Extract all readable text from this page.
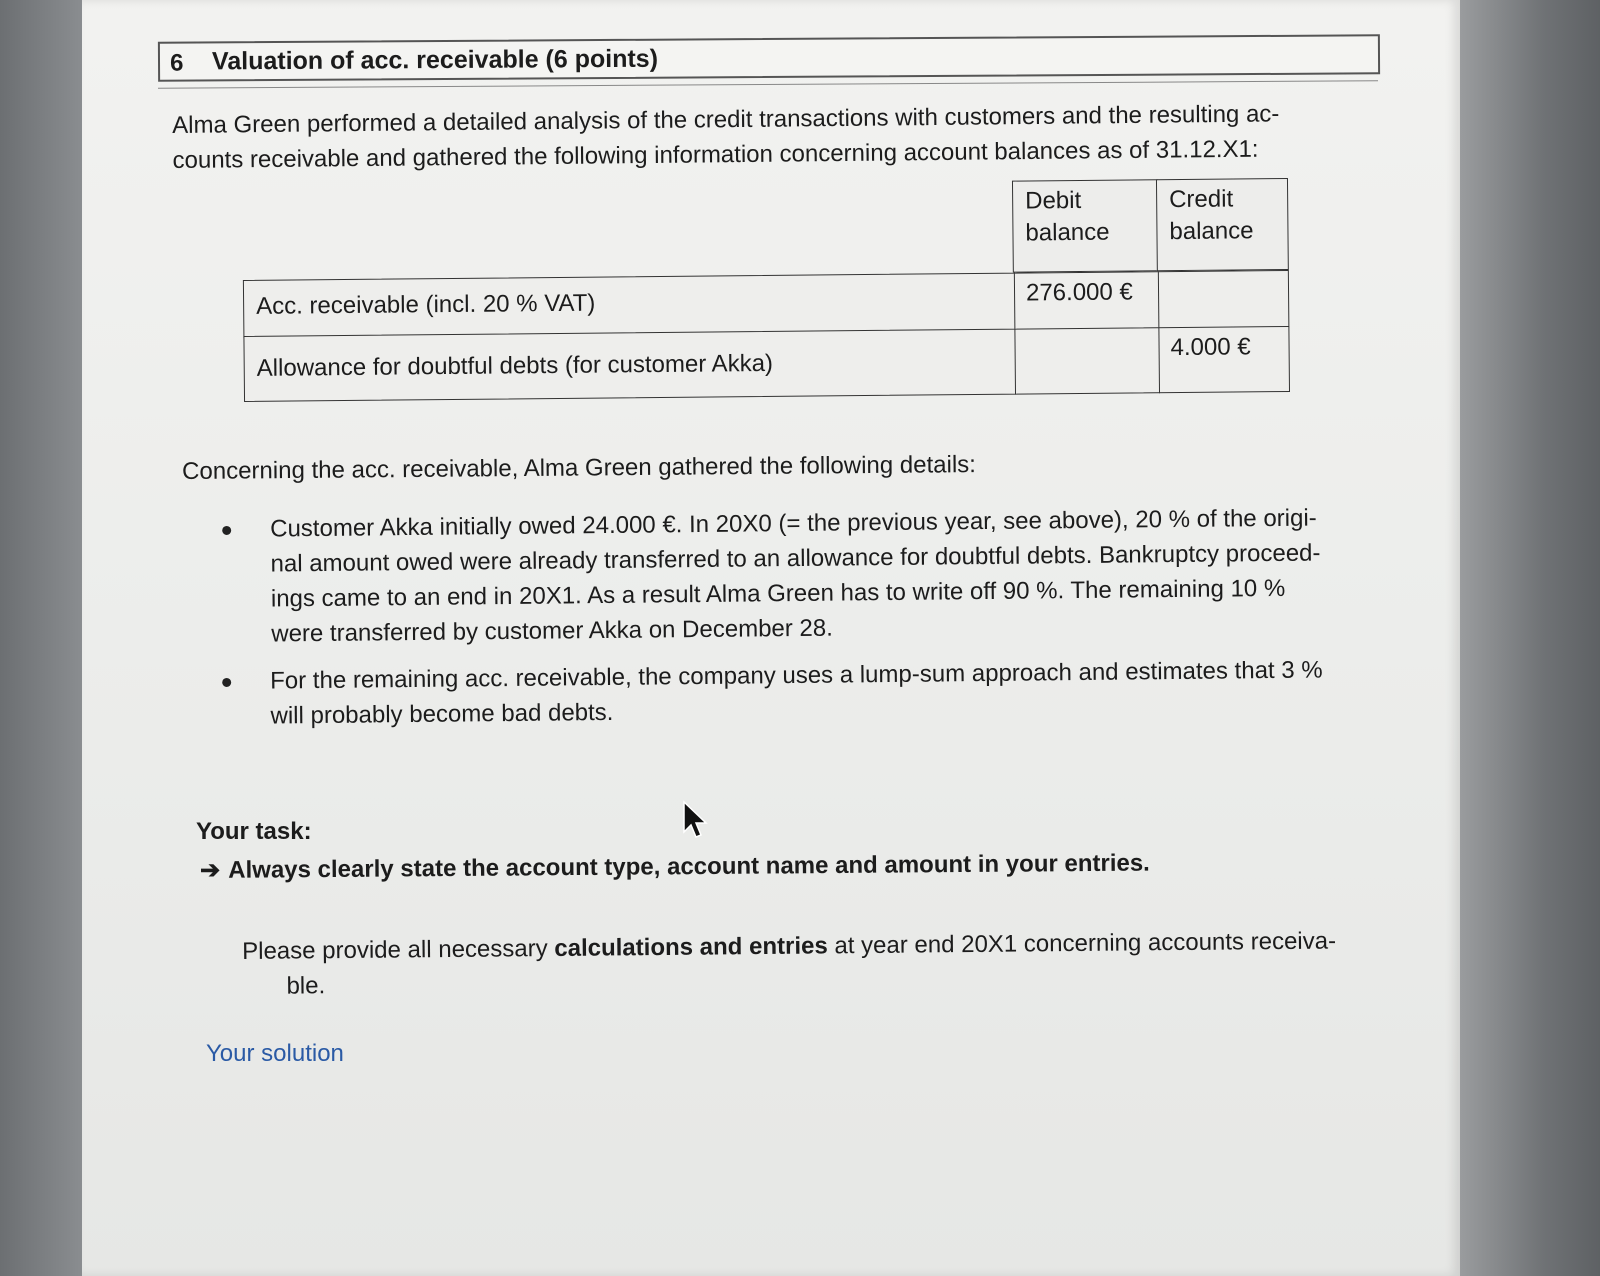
6 Valuation of acc. receivable (6 points)
Alma Green performed a detailed analysis of the credit transactions with customers and the resulting ac-
counts receivable and gathered the following information concerning account balances as of 31.12.X1:
Debit
balance
Credit
balance
Acc. receivable (incl. 20 % VAT)	276.000 €
Allowance for doubtful debts (for customer Akka)
4.000 €
Concerning the acc. receivable, Alma Green gathered the following details:
Customer Akka initially owed 24.000 €. In 20X0 (= the previous year, see above), 20 % of the origi-
nal amount owed were already transferred to an allowance for doubtful debts. Bankruptcy proceed-
ings came to an end in 20X1. As a result Alma Green has to write off 90 %. The remaining 10 %
were transferred by customer Akka on December 28.
For the remaining acc. receivable, the company uses a lump-sum approach and estimates that 3 %
will probably become bad debts.
Your task:
➔ Always clearly state the account type, account name and amount in your entries.
Please provide all necessary calculations and entries at year end 20X1 concerning accounts receiva-
ble.
Your solution
